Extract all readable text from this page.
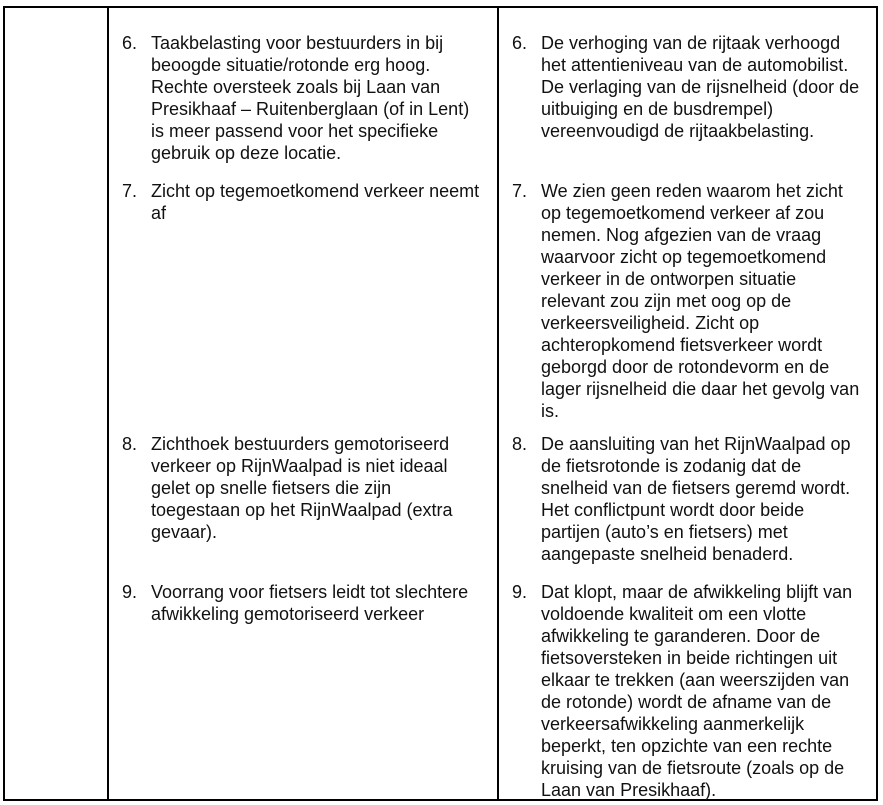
6. Taakbelasting voor bestuurders in bij beoogde situatie/rotonde erg hoog. Rechte oversteek zoals bij Laan van Presikhaaf – Ruitenberglaan (of in Lent) is meer passend voor het specifieke gebruik op deze locatie.
7. Zicht op tegemoetkomend verkeer neemt af
8. Zichthoek bestuurders gemotoriseerd verkeer op RijnWaalpad is niet ideaal gelet op snelle fietsers die zijn toegestaan op het RijnWaalpad (extra gevaar).
9. Voorrang voor fietsers leidt tot slechtere afwikkeling gemotoriseerd verkeer
6. De verhoging van de rijtaak verhoogd het attentieniveau van de automobilist. De verlaging van de rijsnelheid (door de uitbuiging en de busdrempel) vereenvoudigd de rijtaakbelasting.
7. We zien geen reden waarom het zicht op tegemoetkomend verkeer af zou nemen. Nog afgezien van de vraag waarvoor zicht op tegemoetkomend verkeer in de ontworpen situatie relevant zou zijn met oog op de verkeersveiligheid. Zicht op achteropkomend fietsverkeer wordt geborgd door de rotondevorm en de lager rijsnelheid die daar het gevolg van is.
8. De aansluiting van het RijnWaalpad op de fietsrotonde is zodanig dat de snelheid van de fietsers geremd wordt. Het conflictpunt wordt door beide partijen (auto’s en fietsers) met aangepaste snelheid benaderd.
9. Dat klopt, maar de afwikkeling blijft van voldoende kwaliteit om een vlotte afwikkeling te garanderen. Door de fietsoversteken in beide richtingen uit elkaar te trekken (aan weerszijden van de rotonde) wordt de afname van de verkeersafwikkeling aanmerkelijk beperkt, ten opzichte van een rechte kruising van de fietsroute (zoals op de Laan van Presikhaaf).
